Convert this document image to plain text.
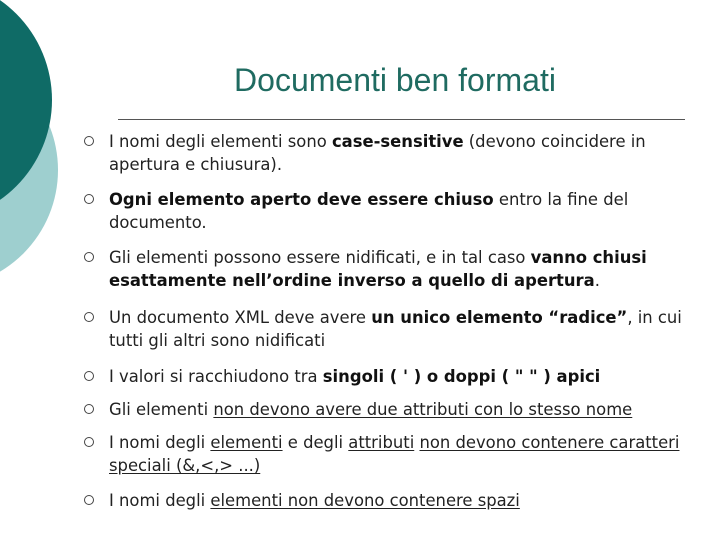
Documenti ben formati
I nomi degli elementi sono case-sensitive (devono coincidere in apertura e chiusura).
Ogni elemento aperto deve essere chiuso entro la fine del documento.
Gli elementi possono essere nidificati, e in tal caso vanno chiusi esattamente nell’ordine inverso a quello di apertura.
Un documento XML deve avere un unico elemento “radice”, in cui tutti gli altri sono nidificati
I valori si racchiudono tra singoli ( ' ) o doppi ( " " ) apici
Gli elementi non devono avere due attributi con lo stesso nome
I nomi degli elementi e degli attributi non devono contenere caratteri speciali (&,<,> ...)
I nomi degli elementi non devono contenere spazi
